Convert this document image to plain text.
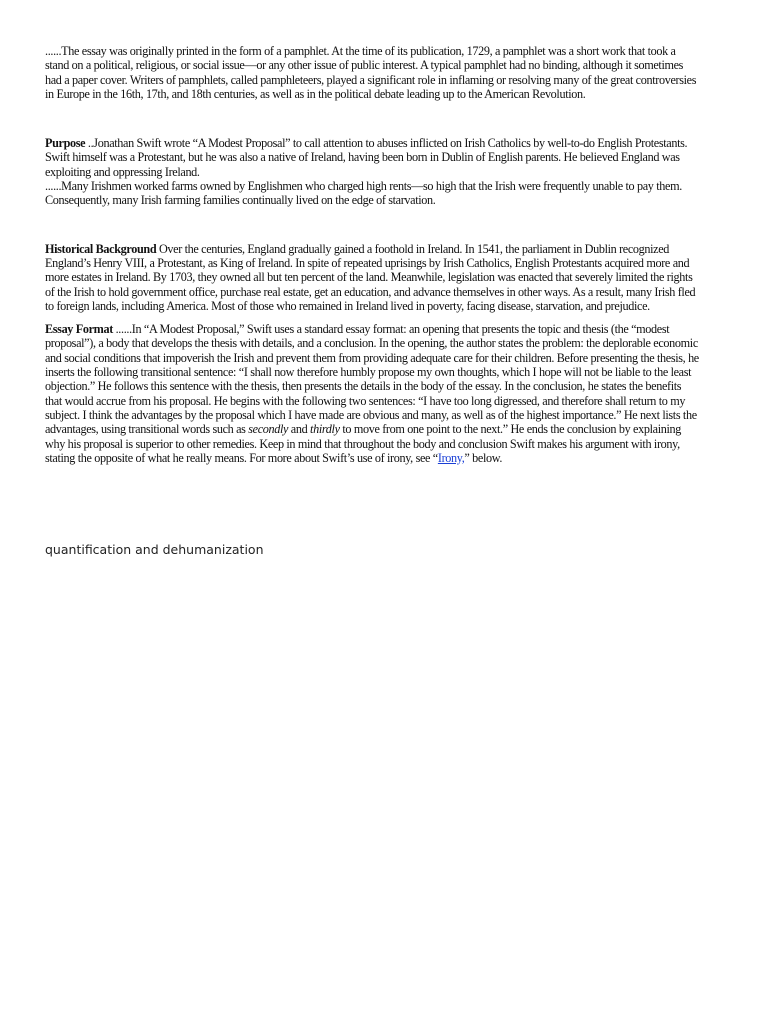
......The essay was originally printed in the form of a pamphlet. At the time of its publication, 1729, a pamphlet was a short work that took a stand on a political, religious, or social issue—or any other issue of public interest. A typical pamphlet had no binding, although it sometimes had a paper cover. Writers of pamphlets, called pamphleteers, played a significant role in inflaming or resolving many of the great controversies in Europe in the 16th, 17th, and 18th centuries, as well as in the political debate leading up to the American Revolution.

Purpose ..Jonathan Swift wrote “A Modest Proposal” to call attention to abuses inflicted on Irish Catholics by well-to-do English Protestants. Swift himself was a Protestant, but he was also a native of Ireland, having been born in Dublin of English parents. He believed England was exploiting and oppressing Ireland.
......Many Irishmen worked farms owned by Englishmen who charged high rents—so high that the Irish were frequently unable to pay them. Consequently, many Irish farming families continually lived on the edge of starvation.

Historical Background Over the centuries, England gradually gained a foothold in Ireland. In 1541, the parliament in Dublin recognized England’s Henry VIII, a Protestant, as King of Ireland. In spite of repeated uprisings by Irish Catholics, English Protestants acquired more and more estates in Ireland. By 1703, they owned all but ten percent of the land. Meanwhile, legislation was enacted that severely limited the rights of the Irish to hold government office, purchase real estate, get an education, and advance themselves in other ways. As a result, many Irish fled to foreign lands, including America. Most of those who remained in Ireland lived in poverty, facing disease, starvation, and prejudice.

Essay Format ......In “A Modest Proposal,” Swift uses a standard essay format: an opening that presents the topic and thesis (the “modest proposal”), a body that develops the thesis with details, and a conclusion. In the opening, the author states the problem: the deplorable economic and social conditions that impoverish the Irish and prevent them from providing adequate care for their children. Before presenting the thesis, he inserts the following transitional sentence: “I shall now therefore humbly propose my own thoughts, which I hope will not be liable to the least objection.” He follows this sentence with the thesis, then presents the details in the body of the essay. In the conclusion, he states the benefits that would accrue from his proposal. He begins with the following two sentences: “I have too long digressed, and therefore shall return to my subject. I think the advantages by the proposal which I have made are obvious and many, as well as of the highest importance.” He next lists the advantages, using transitional words such as secondly and thirdly to move from one point to the next.” He ends the conclusion by explaining why his proposal is superior to other remedies. Keep in mind that throughout the body and conclusion Swift makes his argument with irony, stating the opposite of what he really means. For more about Swift’s use of irony, see “Irony,” below.

quantification and dehumanization
